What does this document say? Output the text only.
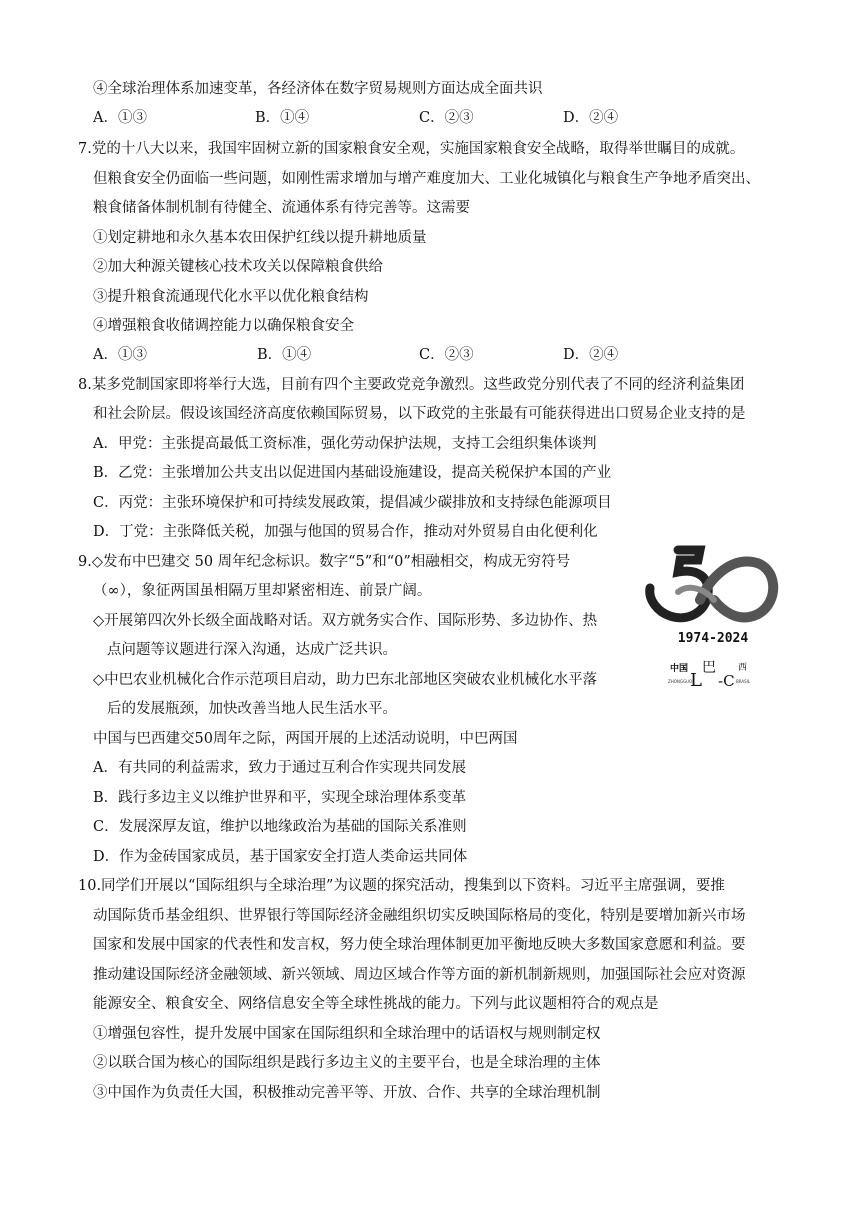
④全球治理体系加速变革，各经济体在数字贸易规则方面达成全面共识
A．①③	B．①④	C．②③	D．②④
7.党的十八大以来，我国牢固树立新的国家粮食安全观，实施国家粮食安全战略，取得举世瞩目的成就。
但粮食安全仍面临一些问题，如刚性需求增加与增产难度加大、工业化城镇化与粮食生产争地矛盾突出、
粮食储备体制机制有待健全、流通体系有待完善等。这需要
①划定耕地和永久基本农田保护红线以提升耕地质量
②加大种源关键核心技术攻关以保障粮食供给
③提升粮食流通现代化水平以优化粮食结构
④增强粮食收储调控能力以确保粮食安全
A．①③	B．①④	C．②③	D．②④
8.某多党制国家即将举行大选，目前有四个主要政党竞争激烈。这些政党分别代表了不同的经济利益集团
和社会阶层。假设该国经济高度依赖国际贸易，以下政党的主张最有可能获得进出口贸易企业支持的是
A．甲党：主张提高最低工资标准，强化劳动保护法规，支持工会组织集体谈判
B．乙党：主张增加公共支出以促进国内基础设施建设，提高关税保护本国的产业
C．丙党：主张环境保护和可持续发展政策，提倡减少碳排放和支持绿色能源项目
D．丁党：主张降低关税，加强与他国的贸易合作，推动对外贸易自由化便利化
9.◇发布中巴建交 50 周年纪念标识。数字“5”和“0”相融相交，构成无穷符号
（∞），象征两国虽相隔万里却紧密相连、前景广阔。
◇开展第四次外长级全面战略对话。双方就务实合作、国际形势、多边协作、热
点问题等议题进行深入沟通，达成广泛共识。
◇中巴农业机械化合作示范项目启动，助力巴东北部地区突破农业机械化水平落
后的发展瓶颈，加快改善当地人民生活水平。
中国与巴西建交50周年之际，两国开展的上述活动说明，中巴两国
A．有共同的利益需求，致力于通过互利合作实现共同发展
B．践行多边主义以维护世界和平，实现全球治理体系变革
C．发展深厚友谊，维护以地缘政治为基础的国际关系准则
D．作为金砖国家成员，基于国家安全打造人类命运共同体
1974-2024
中国 巴 西
L -C
ZHONGGUO	BRASIL
10.同学们开展以“国际组织与全球治理”为议题的探究活动，搜集到以下资料。习近平主席强调，要推
动国际货币基金组织、世界银行等国际经济金融组织切实反映国际格局的变化，特别是要增加新兴市场
国家和发展中国家的代表性和发言权，努力使全球治理体制更加平衡地反映大多数国家意愿和利益。要
推动建设国际经济金融领域、新兴领域、周边区域合作等方面的新机制新规则，加强国际社会应对资源
能源安全、粮食安全、网络信息安全等全球性挑战的能力。下列与此议题相符合的观点是
①增强包容性，提升发展中国家在国际组织和全球治理中的话语权与规则制定权
②以联合国为核心的国际组织是践行多边主义的主要平台，也是全球治理的主体
③中国作为负责任大国，积极推动完善平等、开放、合作、共享的全球治理机制
